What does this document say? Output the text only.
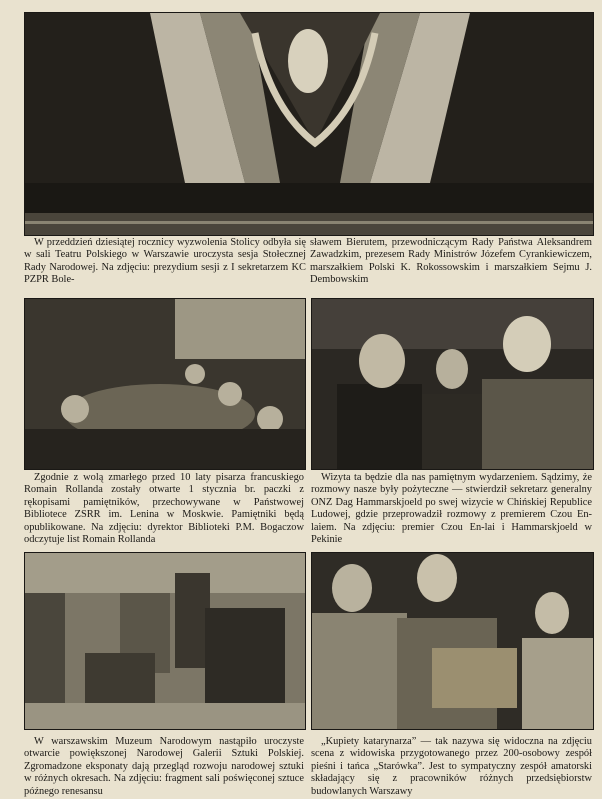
W przeddzień dziesiątej rocznicy wyzwolenia Stolicy odbyła się w sali Teatru Polskiego w Warszawie uroczysta sesja Stołecznej Rady Narodowej. Na zdjęciu: prezydium sesji z I sekretarzem KC PZPR Bole-

sławem Bierutem, przewodniczącym Rady Państwa Aleksandrem Zawadzkim, prezesem Rady Ministrów Józefem Cyrankiewiczem, marszałkiem Polski K. Rokossowskim i marszałkiem Sejmu J. Dembowskim

Zgodnie z wolą zmarłego przed 10 laty pisarza francuskiego Romain Rollanda zostały otwarte 1 stycznia br. paczki z rękopisami pamiętników, przechowywane w Państwowej Bibliotece ZSRR im. Lenina w Moskwie. Pamiętniki będą opublikowane. Na zdjęciu: dyrektor Biblioteki P.M. Bogaczow odczytuje list Romain Rollanda

Wizyta ta będzie dla nas pamiętnym wydarzeniem. Sądzimy, że rozmowy nasze były pożyteczne — stwierdził sekretarz generalny ONZ Dag Hammarskjoeld po swej wizycie w Chińskiej Republice Ludowej, gdzie przeprowadził rozmowy z premierem Czou En-laiem. Na zdjęciu: premier Czou En-lai i Hammarskjoeld w Pekinie

W warszawskim Muzeum Narodowym nastąpiło uroczyste otwarcie powiększonej Narodowej Galerii Sztuki Polskiej. Zgromadzone eksponaty dają przegląd rozwoju narodowej sztuki w różnych okresach. Na zdjęciu: fragment sali poświęconej sztuce późnego renesansu

„Kupiety katarynarza” — tak nazywa się widoczna na zdjęciu scena z widowiska przygotowanego przez 200-osobowy zespół pieśni i tańca „Starówka”. Jest to sympatyczny zespół amatorski składający się z pracowników różnych przedsiębiorstw budowlanych Warszawy
